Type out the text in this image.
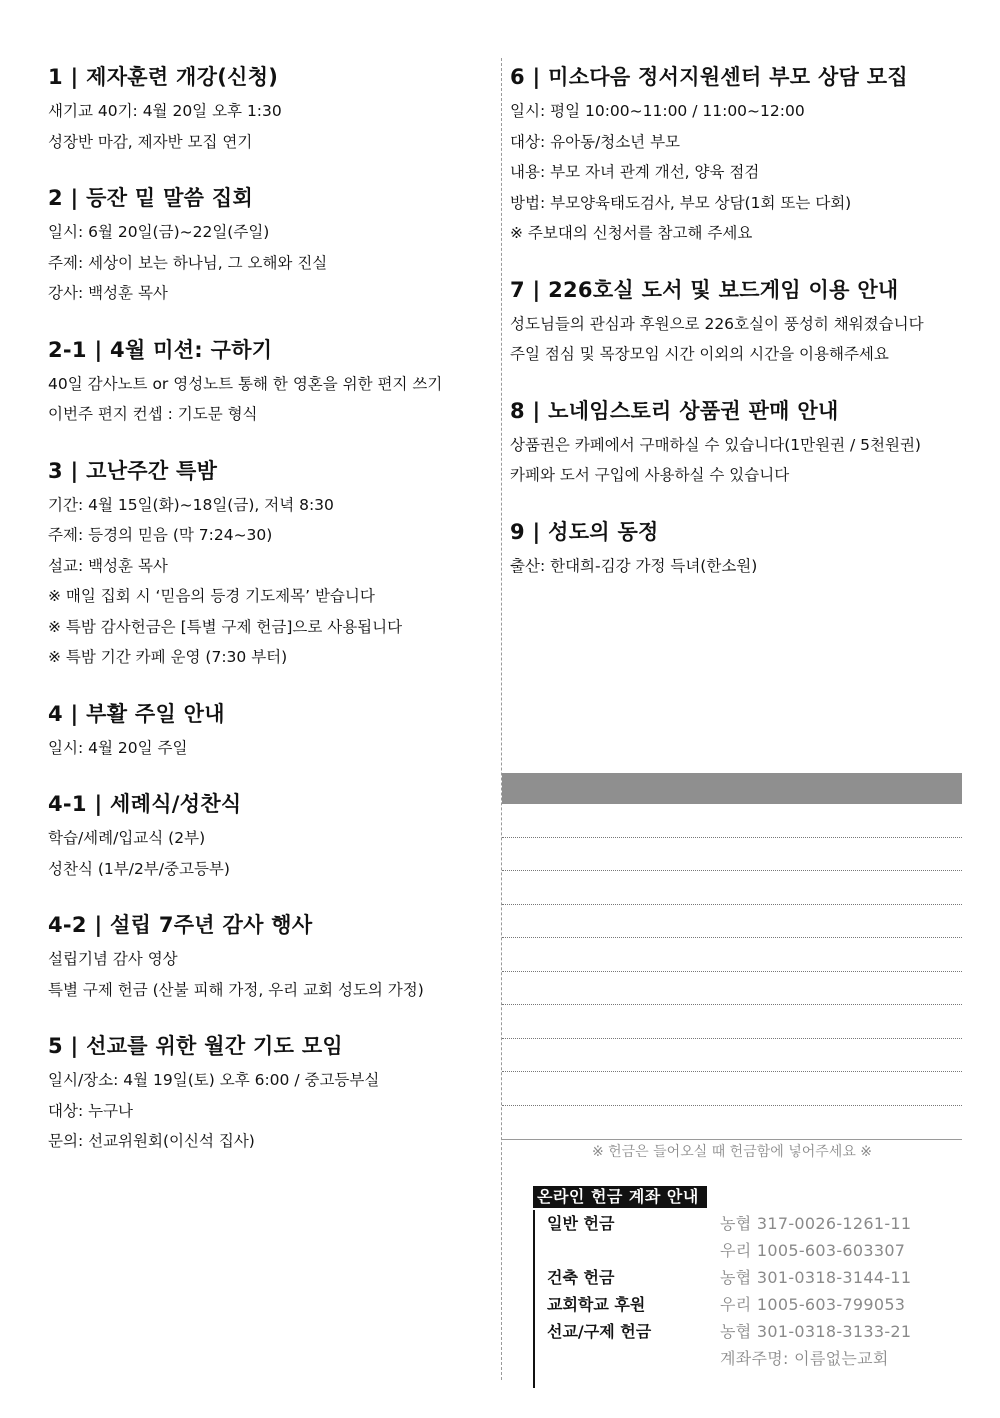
1 | 제자훈련 개강(신청)
새기교 40기: 4월 20일 오후 1:30
성장반 마감, 제자반 모집 연기
2 | 등잔 밑 말씀 집회
일시: 6월 20일(금)~22일(주일)
주제: 세상이 보는 하나님, 그 오해와 진실
강사: 백성훈 목사
2-1 | 4월 미션: 구하기
40일 감사노트 or 영성노트 통해 한 영혼을 위한 편지 쓰기
이번주 편지 컨셉 : 기도문 형식
3 | 고난주간 특밤
기간: 4월 15일(화)~18일(금), 저녁 8:30
주제: 등경의 믿음 (막 7:24~30)
설교: 백성훈 목사
※ 매일 집회 시 ‘믿음의 등경 기도제목’ 받습니다
※ 특밤 감사헌금은 [특별 구제 헌금]으로 사용됩니다
※ 특밤 기간 카페 운영 (7:30 부터)
4 | 부활 주일 안내
일시: 4월 20일 주일
4-1 | 세례식/성찬식
학습/세례/입교식 (2부)
성찬식 (1부/2부/중고등부)
4-2 | 설립 7주년 감사 행사
설립기념 감사 영상
특별 구제 헌금 (산불 피해 가정, 우리 교회 성도의 가정)
5 | 선교를 위한 월간 기도 모임
일시/장소: 4월 19일(토) 오후 6:00 / 중고등부실
대상: 누구나
문의: 선교위원회(이신석 집사)
6 | 미소다음 정서지원센터 부모 상담 모집
일시: 평일 10:00~11:00 / 11:00~12:00
대상: 유아동/청소년 부모
내용: 부모 자녀 관계 개선, 양육 점검
방법: 부모양육태도검사, 부모 상담(1회 또는 다회)
※ 주보대의 신청서를 참고해 주세요
7 | 226호실 도서 및 보드게임 이용 안내
성도님들의 관심과 후원으로 226호실이 풍성히 채워졌습니다
주일 점심 및 목장모임 시간 이외의 시간을 이용해주세요
8 | 노네임스토리 상품권 판매 안내
상품권은 카페에서 구매하실 수 있습니다(1만원권 / 5천원권)
카페와 도서 구입에 사용하실 수 있습니다
9 | 성도의 동정
출산: 한대희-김강 가정 득녀(한소원)
※ 헌금은 들어오실 때 헌금함에 넣어주세요 ※
온라인 헌금 계좌 안내
일반 헌금	농협 317-0026-1261-11
우리 1005-603-603307
건축 헌금	농협 301-0318-3144-11
교회학교 후원	우리 1005-603-799053
선교/구제 헌금	농협 301-0318-3133-21
계좌주명: 이름없는교회
